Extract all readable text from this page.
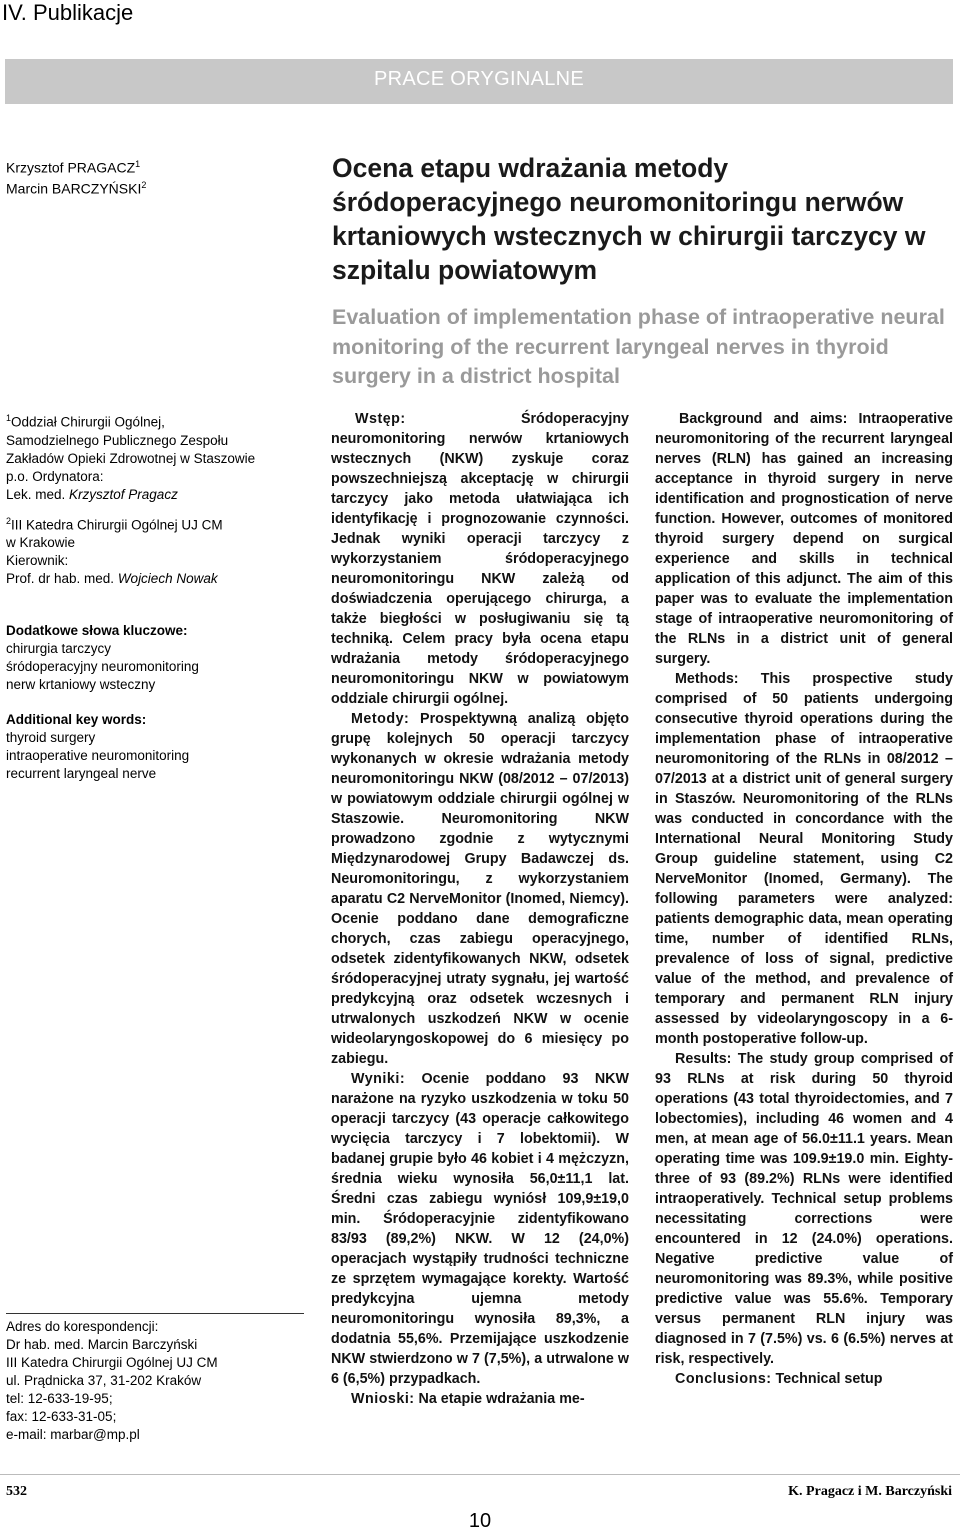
IV. Publikacje
PRACE ORYGINALNE
Krzysztof PRAGACZ$^1$
Marcin BARCZYŃSKI$^2$
Ocena etapu wdrażania metody śródoperacyjnego neuromonitoringu nerwów krtaniowych wstecznych w chirurgii tarczycy w szpitalu powiatowym
Evaluation of implementation phase of intraoperative neural monitoring of the recurrent laryngeal nerves in thyroid surgery in a district hospital

$^1$Oddział Chirurgii Ogólnej,

Samodzielnego Publicznego Zespołu

Zakładów Opieki Zdrowotnej w Staszowie

p.o. Ordynatora:

Lek. med. Krzysztof Pragacz

$^2$III Katedra Chirurgii Ogólnej UJ CM

w Krakowie

Kierownik:

Prof. dr hab. med. Wojciech Nowak

Dodatkowe słowa kluczowe:

chirurgia tarczycy

śródoperacyjny neuromonitoring

nerw krtaniowy wsteczny

Additional key words:

thyroid surgery

intraoperative neuromonitoring

recurrent laryngeal nerve

Adres do korespondencji:

Dr hab. med. Marcin Barczyński

III Katedra Chirurgii Ogólnej UJ CM

ul. Prądnicka 37, 31-202 Kraków

tel: 12-633-19-95;

fax: 12-633-31-05;

e-mail: marbar@mp.pl

Wstęp: Śródoperacyjny neuromonitoring nerwów krtaniowych wstecznych (NKW) zyskuje coraz powszechniejszą akceptację w chirurgii tarczycy jako metoda ułatwiająca ich identyfikację i prognozowanie czynności. Jednak wyniki operacji tarczycy z wykorzystaniem śródoperacyjnego neuromonitoringu NKW zależą od doświadczenia operującego chirurga, a także biegłości w posługiwaniu się tą techniką. Celem pracy była ocena etapu wdrażania metody śródoperacyjnego neuromonitoringu NKW w powiatowym oddziale chirurgii ogólnej.

Metody: Prospektywną analizą objęto grupę kolejnych 50 operacji tarczycy wykonanych w okresie wdrażania metody neuromonitoringu NKW (08/2012 – 07/2013) w powiatowym oddziale chirurgii ogólnej w Staszowie. Neuromonitoring NKW prowadzono zgodnie z wytycznymi Międzynarodowej Grupy Badawczej ds. Neuromonitoringu, z wykorzystaniem aparatu C2 NerveMonitor (Inomed, Niemcy). Ocenie poddano dane demograficzne chorych, czas zabiegu operacyjnego, odsetek zidentyfikowanych NKW, odsetek śródoperacyjnej utraty sygnału, jej wartość predykcyjną oraz odsetek wczesnych i utrwalonych uszkodzeń NKW w ocenie wideolaryngoskopowej do 6 miesięcy po zabiegu.

Wyniki: Ocenie poddano 93 NKW narażone na ryzyko uszkodzenia w toku 50 operacji tarczycy (43 operacje całkowitego wycięcia tarczycy i 7 lobektomii). W badanej grupie było 46 kobiet i 4 mężczyzn, średnia wieku wynosiła 56,0±11,1 lat. Średni czas zabiegu wyniósł 109,9±19,0 min. Śródoperacyjnie zidentyfikowano 83/93 (89,2%) NKW. W 12 (24,0%) operacjach wystąpiły trudności techniczne ze sprzętem wymagające korekty. Wartość predykcyjna ujemna metody neuromonitoringu wynosiła 89,3%, a dodatnia 55,6%. Przemijające uszkodzenie NKW stwierdzono w 7 (7,5%), a utrwalone w 6 (6,5%) przypadkach.

Wnioski: Na etapie wdrażania me-

Background and aims: Intraoperative neuromonitoring of the recurrent laryngeal nerves (RLN) has gained an increasing acceptance in thyroid surgery in nerve identification and prognostication of nerve function. However, outcomes of monitored thyroid surgery depend on surgical experience and skills in technical application of this adjunct. The aim of this paper was to evaluate the implementation stage of intraoperative neuromonitoring of the RLNs in a district unit of general surgery.

Methods: This prospective study comprised of 50 patients undergoing consecutive thyroid operations during the implementation phase of intraoperative neuromonitoring of the RLNs in 08/2012 – 07/2013 at a district unit of general surgery in Staszów. Neuromonitoring of the RLNs was conducted in concordance with the International Neural Monitoring Study Group guideline statement, using C2 NerveMonitor (Inomed, Germany). The following parameters were analyzed: patients demographic data, mean operating time, number of identified RLNs, prevalence of loss of signal, predictive value of the method, and prevalence of temporary and permanent RLN injury assessed by videolaryngoscopy in a 6-month postoperative follow-up.

Results: The study group comprised of 93 RLNs at risk during 50 thyroid operations (43 total thyroidectomies, and 7 lobectomies), including 46 women and 4 men, at mean age of 56.0±11.1 years. Mean operating time was 109.9±19.0 min. Eighty-three of 93 (89.2%) RLNs were identified intraoperatively. Technical setup problems necessitating corrections were encountered in 12 (24.0%) operations. Negative predictive value of neuromonitoring was 89.3%, while positive predictive value was 55.6%. Temporary versus permanent RLN injury was diagnosed in 7 (7.5%) vs. 6 (6.5%) nerves at risk, respectively.

Conclusions: Technical setup

532	K. Pragacz i M. Barczyński
10
